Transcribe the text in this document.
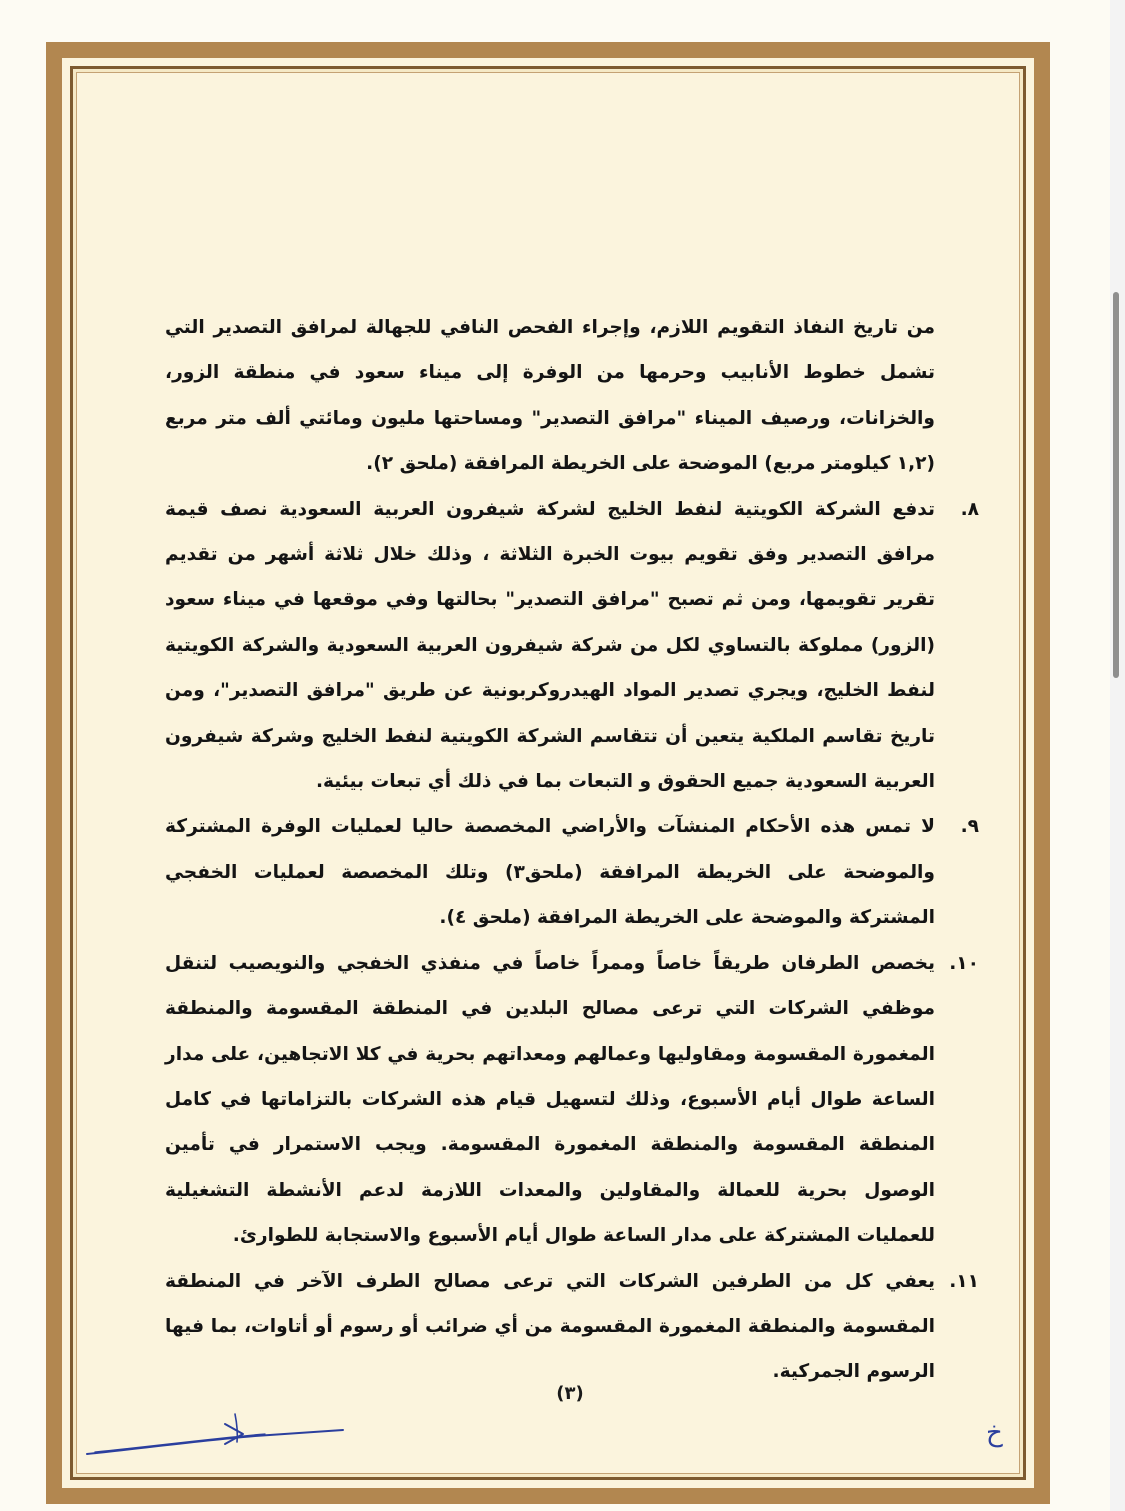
من تاريخ النفاذ التقويم اللازم، وإجراء الفحص النافي للجهالة لمرافق التصدير التي تشمل خطوط الأنابيب وحرمها من الوفرة إلى ميناء سعود في منطقة الزور، والخزانات، ورصيف الميناء "مرافق التصدير" ومساحتها مليون ومائتي ألف متر مربع (١,٢ كيلومتر مربع) الموضحة على الخريطة المرافقة (ملحق ٢).

٨.

تدفع الشركة الكويتية لنفط الخليج لشركة شيفرون العربية السعودية نصف قيمة مرافق التصدير وفق تقويم بيوت الخبرة الثلاثة ، وذلك خلال ثلاثة أشهر من تقديم تقرير تقويمها، ومن ثم تصبح "مرافق التصدير" بحالتها وفي موقعها في ميناء سعود (الزور) مملوكة بالتساوي لكل من شركة شيفرون العربية السعودية والشركة الكويتية لنفط الخليج، ويجري تصدير المواد الهيدروكربونية عن طريق "مرافق التصدير"، ومن تاريخ تقاسم الملكية يتعين أن تتقاسم الشركة الكويتية لنفط الخليج وشركة شيفرون العربية السعودية جميع الحقوق و التبعات بما في ذلك أي تبعات بيئية.

٩.

لا تمس هذه الأحكام المنشآت والأراضي المخصصة حاليا لعمليات الوفرة المشتركة والموضحة على الخريطة المرافقة (ملحق٣) وتلك المخصصة لعمليات الخفجي المشتركة والموضحة على الخريطة المرافقة (ملحق ٤).

١٠.

يخصص الطرفان طريقاً خاصاً وممراً خاصاً في منفذي الخفجي والنويصيب لتنقل موظفي الشركات التي ترعى مصالح البلدين في المنطقة المقسومة والمنطقة المغمورة المقسومة ومقاوليها وعمالهم ومعداتهم بحرية في كلا الاتجاهين، على مدار الساعة طوال أيام الأسبوع، وذلك لتسهيل قيام هذه الشركات بالتزاماتها في كامل المنطقة المقسومة والمنطقة المغمورة المقسومة. ويجب الاستمرار في تأمين الوصول بحرية للعمالة والمقاولين والمعدات اللازمة لدعم الأنشطة التشغيلية للعمليات المشتركة على مدار الساعة طوال أيام الأسبوع والاستجابة للطوارئ.

١١.

يعفي كل من الطرفين الشركات التي ترعى مصالح الطرف الآخر في المنطقة المقسومة والمنطقة المغمورة المقسومة من أي ضرائب أو رسوم أو أتاوات، بما فيها الرسوم الجمركية.

(٣)
خ
